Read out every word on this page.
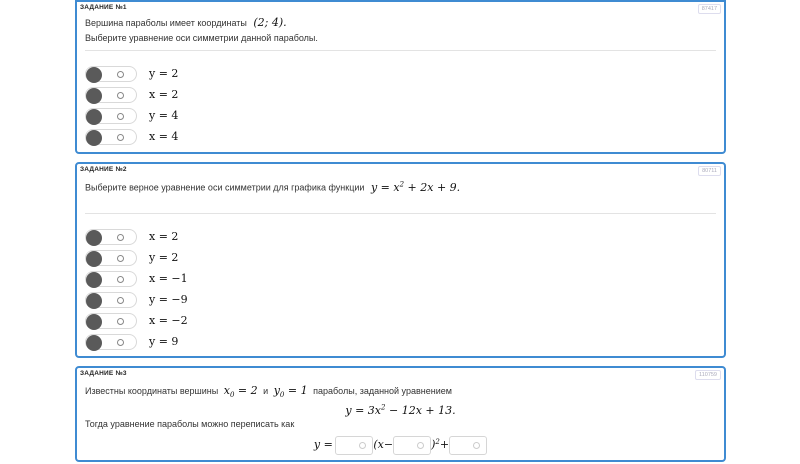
ЗАДАНИЕ №1	87417
Вершина параболы имеет координаты (2; 4).
Выберите уравнение оси симметрии данной параболы.
y = 2
x = 2
y = 4
x = 4
ЗАДАНИЕ №2	80711
Выберите верное уравнение оси симметрии для графика функции $y = x^2 + 2x + 9$.
x = 2
y = 2
x = −1
y = −9
x = −2
y = 9
ЗАДАНИЕ №3	110759
Известны координаты вершины $x_0 = 2$ и $y_0 = 1$ параболы, заданной уравнением
$y = 3x^2 - 12x + 13$.
Тогда уравнение параболы можно переписать как
y =	(x−	)$^2$+
